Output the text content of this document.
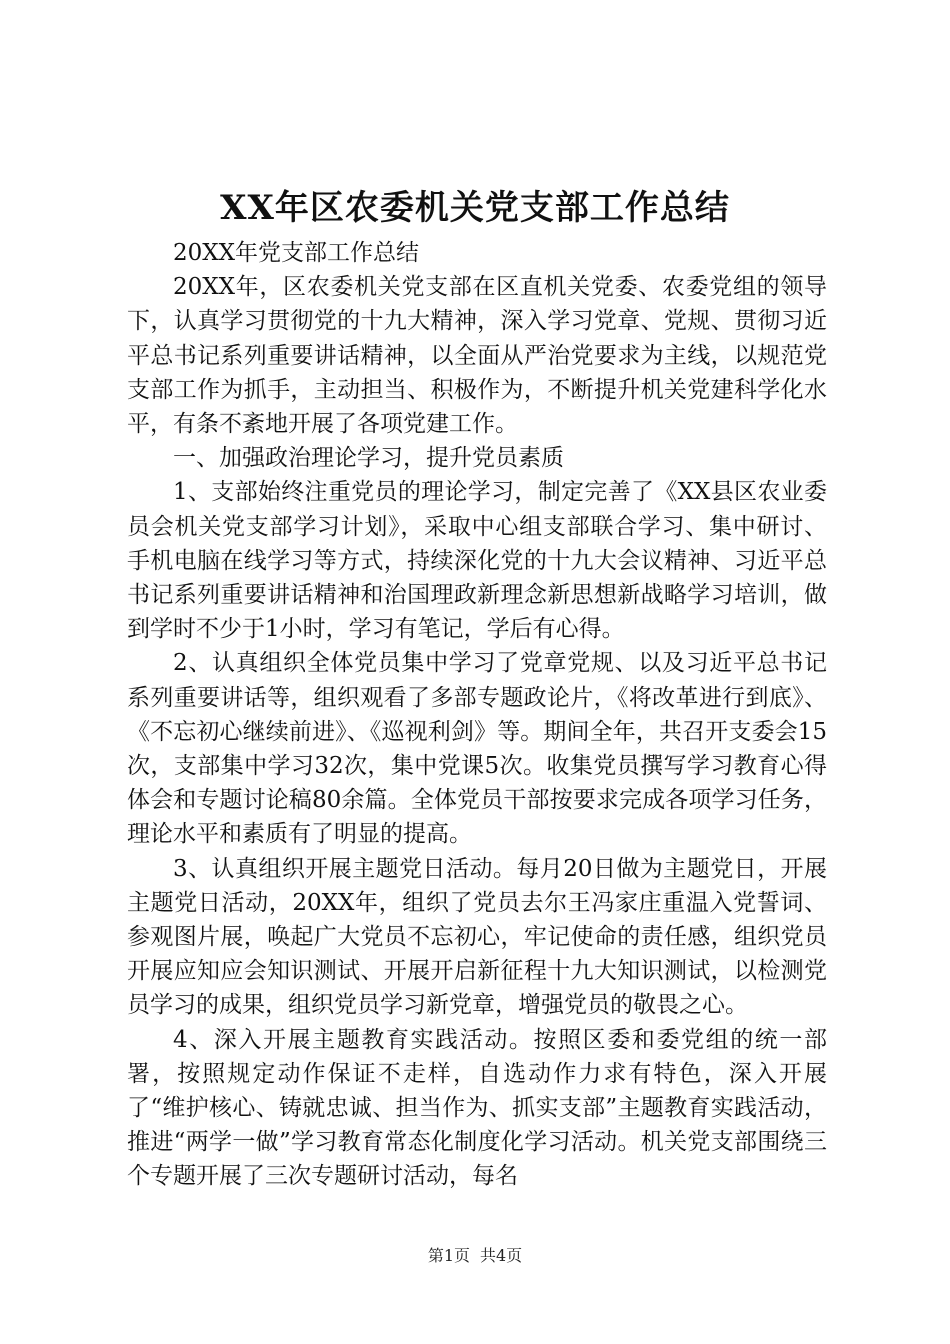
XX年区农委机关党支部工作总结

20XX年党支部工作总结

20XX年，区农委机关党支部在区直机关党委、农委党组的领导下，认真学习贯彻党的十九大精神，深入学习党章、党规、贯彻习近平总书记系列重要讲话精神，以全面从严治党要求为主线，以规范党支部工作为抓手，主动担当、积极作为，不断提升机关党建科学化水平，有条不紊地开展了各项党建工作。

一、加强政治理论学习，提升党员素质

1、支部始终注重党员的理论学习，制定完善了《XX县区农业委员会机关党支部学习计划》，采取中心组支部联合学习、集中研讨、手机电脑在线学习等方式，持续深化党的十九大会议精神、习近平总书记系列重要讲话精神和治国理政新理念新思想新战略学习培训，做到学时不少于1小时，学习有笔记，学后有心得。

2、认真组织全体党员集中学习了党章党规、以及习近平总书记系列重要讲话等，组织观看了多部专题政论片，《将改革进行到底》、《不忘初心继续前进》、《巡视利剑》等。期间全年，共召开支委会15次，支部集中学习32次，集中党课5次。收集党员撰写学习教育心得体会和专题讨论稿80余篇。全体党员干部按要求完成各项学习任务，理论水平和素质有了明显的提高。

3、认真组织开展主题党日活动。每月20日做为主题党日，开展主题党日活动，20XX年，组织了党员去尔王冯家庄重温入党誓词、参观图片展，唤起广大党员不忘初心，牢记使命的责任感，组织党员开展应知应会知识测试、开展开启新征程十九大知识测试，以检测党员学习的成果，组织党员学习新党章，增强党员的敬畏之心。

4、深入开展主题教育实践活动。按照区委和委党组的统一部署，按照规定动作保证不走样，自选动作力求有特色，深入开展了“维护核心、铸就忠诚、担当作为、抓实支部”主题教育实践活动，推进“两学一做”学习教育常态化制度化学习活动。机关党支部围绕三个专题开展了三次专题研讨活动，每名

第1页 共4页
